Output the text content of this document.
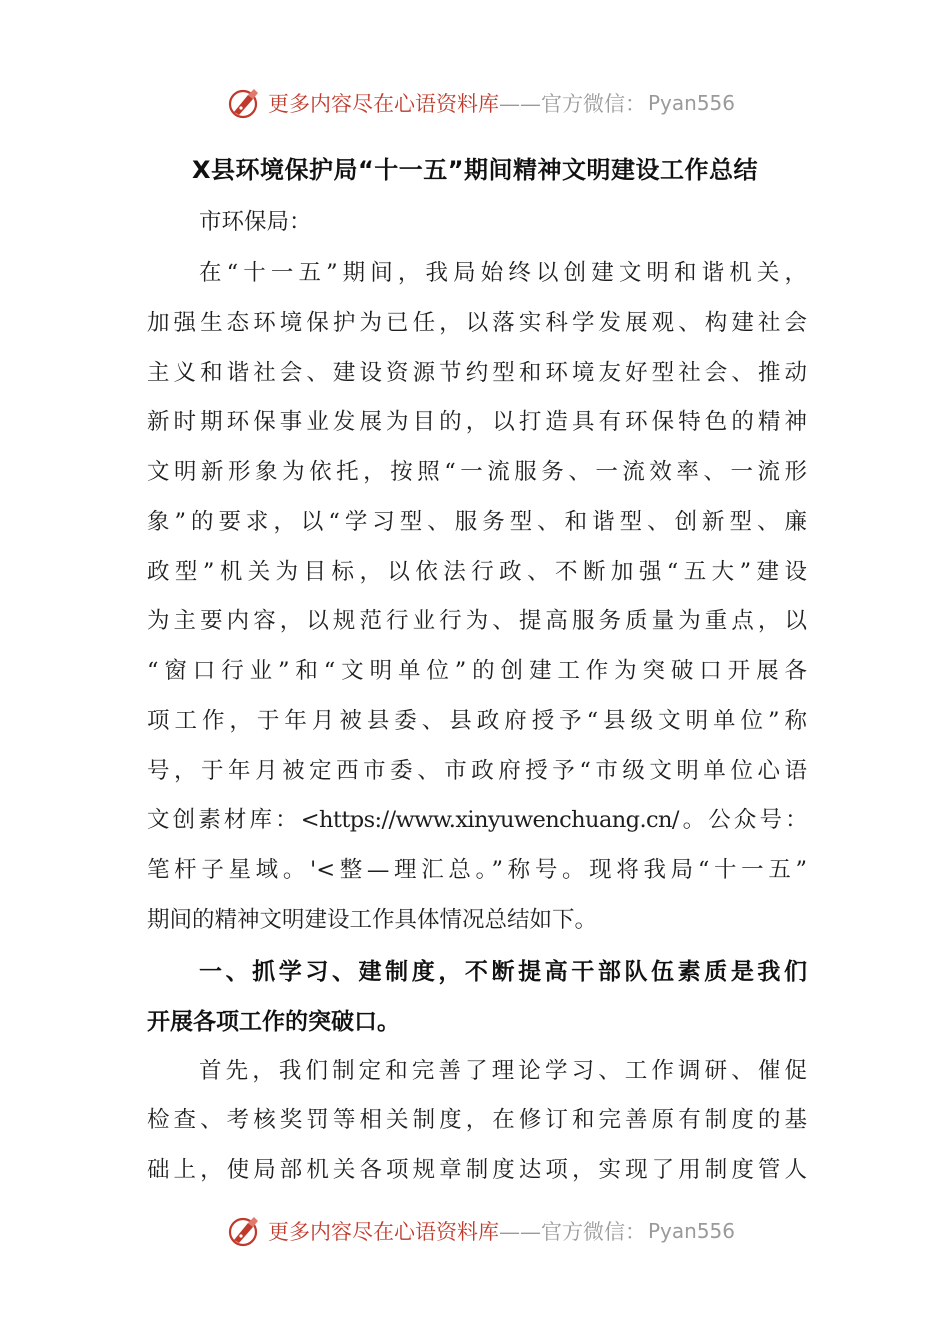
更多内容尽在心语资料库 ——官方微信： Pyan556
X县环境保护局“十一五”期间精神文明建设工作总结
市环保局：
在“十一五”期间，我局始终以创建文明和谐机关，
加强生态环境保护为已任，以落实科学发展观、构建社会
主义和谐社会、建设资源节约型和环境友好型社会、推动
新时期环保事业发展为目的，以打造具有环保特色的精神
文明新形象为依托，按照“一流服务、一流效率、一流形
象”的要求，以“学习型、服务型、和谐型、创新型、廉
政型”机关为目标，以依法行政、不断加强“五大”建设
为主要内容，以规范行业行为、提高服务质量为重点，以
“窗口行业”和“文明单位”的创建工作为突破口开展各
项工作，于年月被县委、县政府授予“县级文明单位”称
号，于年月被定西市委、市政府授予“市级文明单位心语
文创素材库：<https://www.xinyuwenchuang.cn/。公众号：
笔杆子星域。'<整—理汇总。”称号。现将我局“十一五”
期间的精神文明建设工作具体情况总结如下。
一、抓学习、建制度，不断提高干部队伍素质是我们
开展各项工作的突破口。
首先，我们制定和完善了理论学习、工作调研、催促
检查、考核奖罚等相关制度，在修订和完善原有制度的基
础上，使局部机关各项规章制度达项，实现了用制度管人
更多内容尽在心语资料库 ——官方微信： Pyan556
